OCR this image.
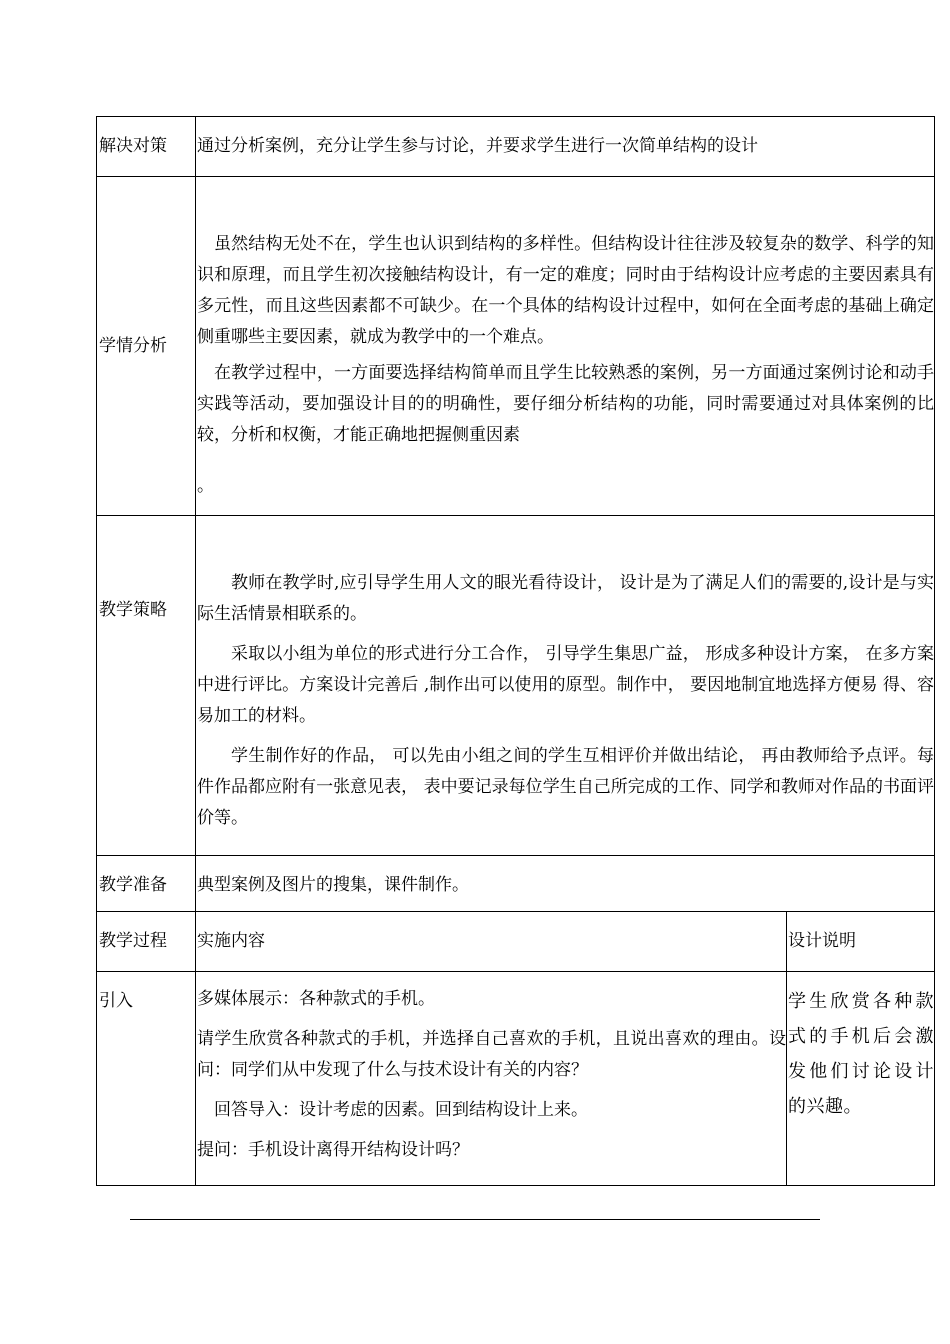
解决对策	通过分析案例，充分让学生参与讨论，并要求学生进行一次简单结构的设计	

学情分析	虽然结构无处不在，学生也认识到结构的多样性。但结构设计往往涉及较复杂的数学、科学的知识和原理，而且学生初次接触结构设计，有一定的难度；同时由于结构设计应考虑的主要因素具有多元性，而且这些因素都不可缺少。在一个具体的结构设计过程中，如何在全面考虑的基础上确定侧重哪些主要因素，就成为教学中的一个难点。

在教学过程中，一方面要选择结构简单而且学生比较熟悉的案例，另一方面通过案例讨论和动手实践等活动，要加强设计目的的明确性，要仔细分析结构的功能，同时需要通过对具体案例的比较，分析和权衡，才能正确地把握侧重因素

。	

教学策略	教师在教学时,应引导学生用人文的眼光看待设计， 设计是为了满足人们的需要的,设计是与实际生活情景相联系的。

采取以小组为单位的形式进行分工合作， 引导学生集思广益， 形成多种设计方案， 在多方案中进行评比。方案设计完善后 ,制作出可以使用的原型。制作中， 要因地制宜地选择方便易 得、容易加工的材料。

学生制作好的作品， 可以先由小组之间的学生互相评价并做出结论， 再由教师给予点评。每件作品都应附有一张意见表， 表中要记录每位学生自己所完成的工作、同学和教师对作品的书面评价等。	

教学准备	典型案例及图片的搜集，课件制作。	

教学过程	实施内容	设计说明
引入	多媒体展示：各种款式的手机。

请学生欣赏各种款式的手机，并选择自己喜欢的手机，且说出喜欢的理由。设问：同学们从中发现了什么与技术设计有关的内容？

回答导入：设计考虑的因素。回到结构设计上来。

提问：手机设计离得开结构设计吗？	学生欣赏各种款式的手机后会激发他们讨论设计的兴趣。
